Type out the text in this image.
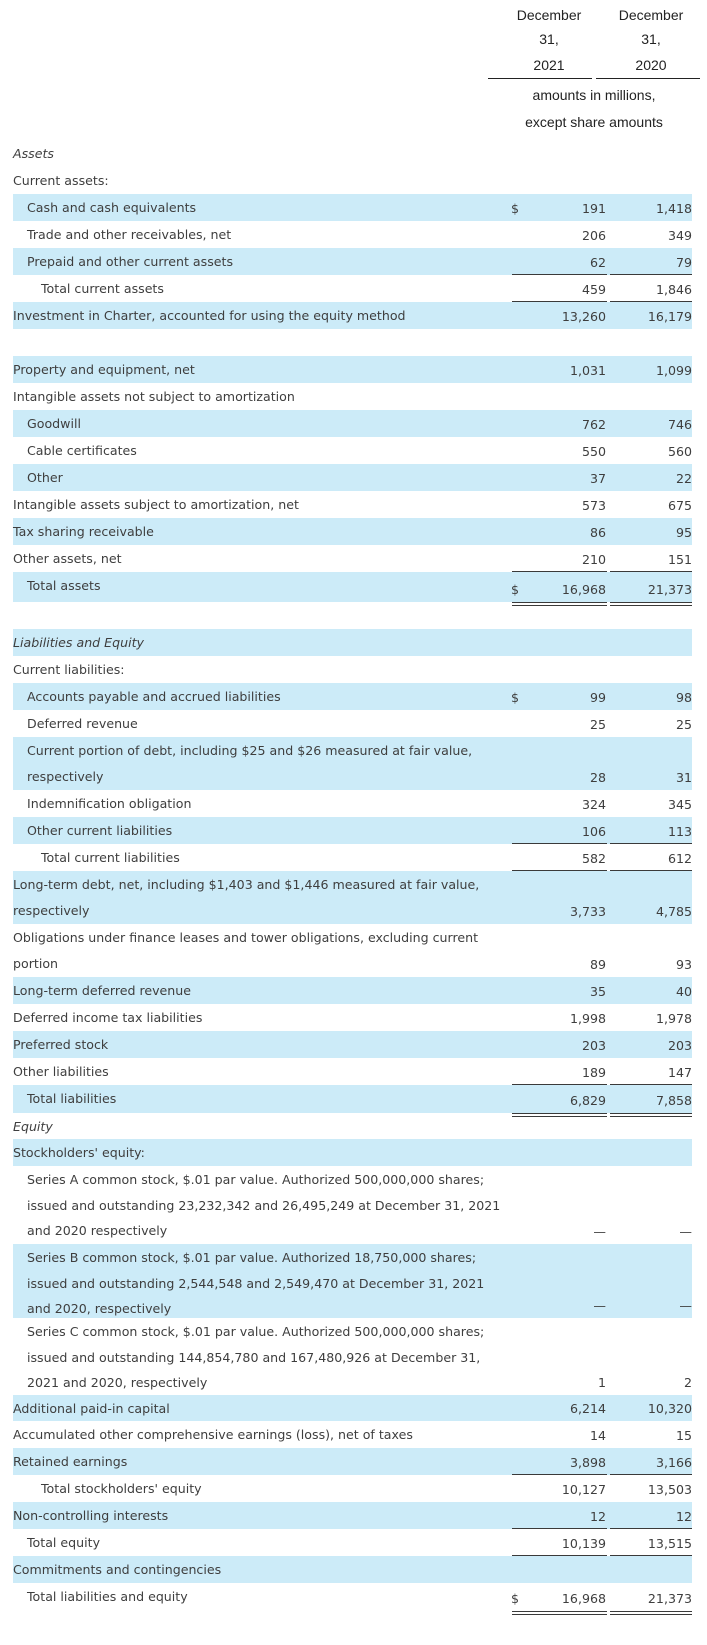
December
31,
2021
December
31,
2020
amounts in millions,
except share amounts
Assets
Current assets:
Cash and cash equivalents	$	191	1,418
Trade and other receivables, net	206	349
Prepaid and other current assets	62	79
Total current assets	459	1,846
Investment in Charter, accounted for using the equity method	13,260	16,179
Property and equipment, net	1,031	1,099
Intangible assets not subject to amortization
Goodwill	762	746
Cable certificates	550	560
Other	37	22
Intangible assets subject to amortization, net	573	675
Tax sharing receivable	86	95
Other assets, net	210	151
Total assets	$	16,968	21,373
Liabilities and Equity
Current liabilities:
Accounts payable and accrued liabilities	$	99	98
Deferred revenue	25	25
Current portion of debt, including $25 and $26 measured at fair value,
respectively	28	31
Indemnification obligation	324	345
Other current liabilities	106	113
Total current liabilities	582	612
Long-term debt, net, including $1,403 and $1,446 measured at fair value,
respectively	3,733	4,785
Obligations under finance leases and tower obligations, excluding current
portion	89	93
Long-term deferred revenue	35	40
Deferred income tax liabilities	1,998	1,978
Preferred stock	203	203
Other liabilities	189	147
Total liabilities	6,829	7,858
Equity
Stockholders' equity:
Series A common stock, $.01 par value. Authorized 500,000,000 shares;
issued and outstanding 23,232,342 and 26,495,249 at December 31, 2021
and 2020 respectively	—	—
Series B common stock, $.01 par value. Authorized 18,750,000 shares;
issued and outstanding 2,544,548 and 2,549,470 at December 31, 2021
and 2020, respectively	—	—
Series C common stock, $.01 par value. Authorized 500,000,000 shares;
issued and outstanding 144,854,780 and 167,480,926 at December 31,
2021 and 2020, respectively	1	2
Additional paid-in capital	6,214	10,320
Accumulated other comprehensive earnings (loss), net of taxes	14	15
Retained earnings	3,898	3,166
Total stockholders' equity	10,127	13,503
Non-controlling interests	12	12
Total equity	10,139	13,515
Commitments and contingencies
Total liabilities and equity	$	16,968	21,373
